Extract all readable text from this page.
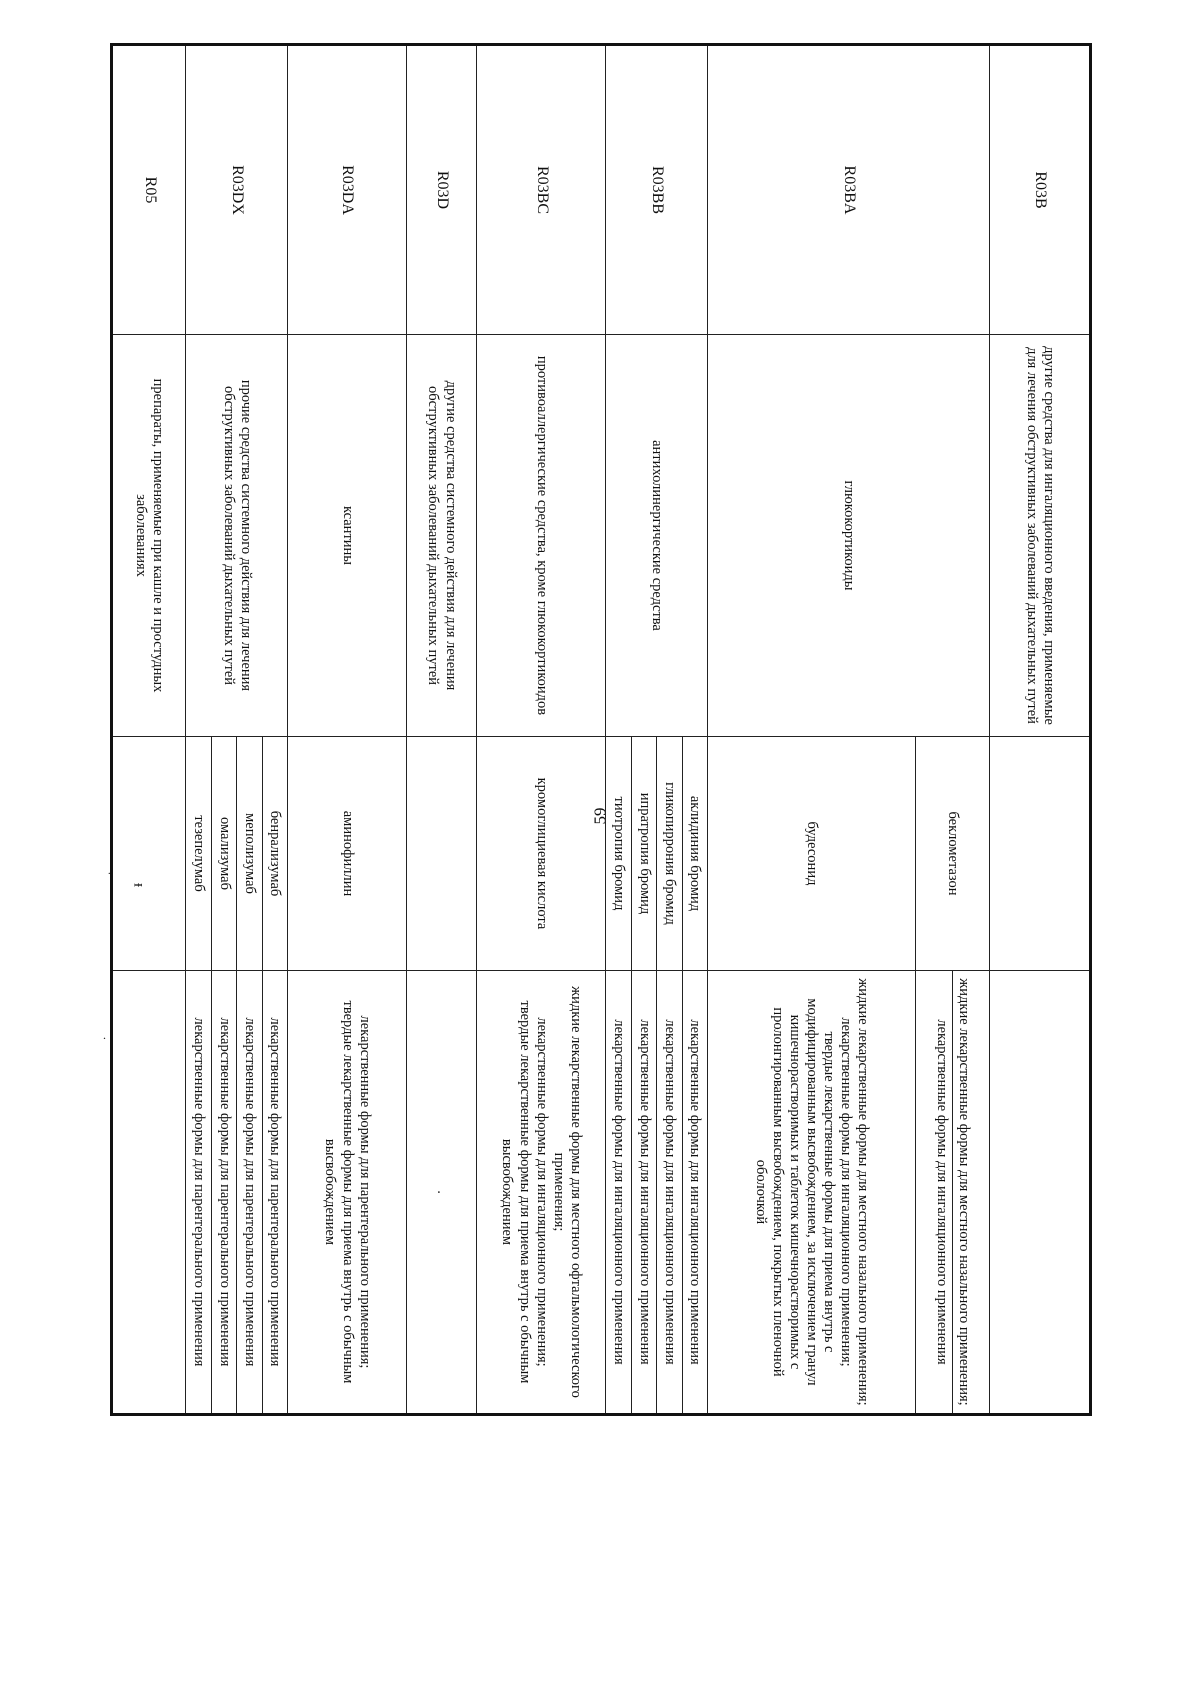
59
.
ᵻ
.
R03B	другие средства для ингаляционного введения, применяемые для лечения обструктивных заболеваний дыхательных путей		
R03BA	глюкокортикоиды	беклометазон	жидкие лекарственные формы для местного назального применения;
лекарственные формы для ингаляционного применения

		будесонид	жидкие лекарственные формы для местного назального применения;
лекарственные формы для ингаляционного применения;
твердые лекарственные формы для приема внутрь с модифицированным высвобождением, за исключением гранул кишечнорастворимых и таблеток кишечнорастворимых с пролонгированным высвобождением, покрытых пленочной оболочкой

R03BB	антихолинергические средства	аклидиния бромид	лекарственные формы для ингаляционного применения
		гликопиррония бромид	лекарственные формы для ингаляционного применения
		ипратропия бромид	лекарственные формы для ингаляционного применения
		тиотропия бромид	лекарственные формы для ингаляционного применения
R03BC	противоаллергические средства, кроме глюкокортикоидов	кромоглициевая кислота	жидкие лекарственные формы для местного офтальмологического применения;
лекарственные формы для ингаляционного применения;
твердые лекарственные формы для приема внутрь с обычным высвобождением

R03D	другие средства системного действия для лечения обструктивных заболеваний дыхательных путей		.
R03DA	ксантины	аминофиллин	лекарственные формы для парентерального применения;
твердые лекарственные формы для приема внутрь с обычным высвобождением

R03DX	прочие средства системного действия для лечения обструктивных заболеваний дыхательных путей	бенрализумаб	лекарственные формы для парентерального применения
		меполизумаб	лекарственные формы для парентерального применения
		омализумаб	лекарственные формы для парентерального применения
		тезепелумаб	лекарственные формы для парентерального применения
R05	препараты, применяемые при кашле и простудных заболеваниях		
